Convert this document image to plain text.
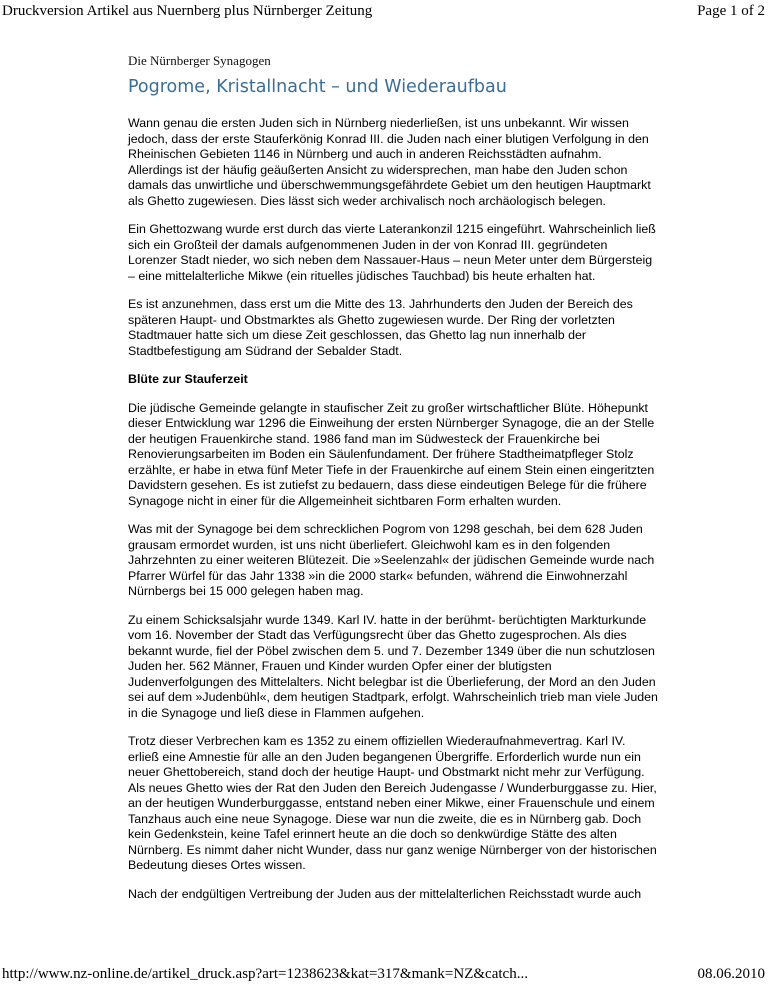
Druckversion Artikel aus Nuernberg plus Nürnberger Zeitung	Page 1 of 2
Die Nürnberger Synagogen
Pogrome, Kristallnacht – und Wiederaufbau

Wann genau die ersten Juden sich in Nürnberg niederließen, ist uns unbekannt. Wir wissen jedoch, dass der erste Stauferkönig Konrad III. die Juden nach einer blutigen Verfolgung in den Rheinischen Gebieten 1146 in Nürnberg und auch in anderen Reichsstädten aufnahm. Allerdings ist der häufig geäußerten Ansicht zu widersprechen, man habe den Juden schon damals das unwirtliche und überschwemmungsgefährdete Gebiet um den heutigen Hauptmarkt als Ghetto zugewiesen. Dies lässt sich weder archivalisch noch archäologisch belegen.

Ein Ghettozwang wurde erst durch das vierte Laterankonzil 1215 eingeführt. Wahrscheinlich ließ sich ein Großteil der damals aufgenommenen Juden in der von Konrad III. gegründeten Lorenzer Stadt nieder, wo sich neben dem Nassauer-Haus – neun Meter unter dem Bürgersteig – eine mittelalterliche Mikwe (ein rituelles jüdisches Tauchbad) bis heute erhalten hat.

Es ist anzunehmen, dass erst um die Mitte des 13. Jahrhunderts den Juden der Bereich des späteren Haupt- und Obstmarktes als Ghetto zugewiesen wurde. Der Ring der vorletzten Stadtmauer hatte sich um diese Zeit geschlossen, das Ghetto lag nun innerhalb der Stadtbefestigung am Südrand der Sebalder Stadt.

Blüte zur Stauferzeit

Die jüdische Gemeinde gelangte in staufischer Zeit zu großer wirtschaftlicher Blüte. Höhepunkt dieser Entwicklung war 1296 die Einweihung der ersten Nürnberger Synagoge, die an der Stelle der heutigen Frauenkirche stand. 1986 fand man im Südwesteck der Frauenkirche bei Renovierungsarbeiten im Boden ein Säulenfundament. Der frühere Stadtheimatpfleger Stolz erzählte, er habe in etwa fünf Meter Tiefe in der Frauenkirche auf einem Stein einen eingeritzten Davidstern gesehen. Es ist zutiefst zu bedauern, dass diese eindeutigen Belege für die frühere Synagoge nicht in einer für die Allgemeinheit sichtbaren Form erhalten wurden.

Was mit der Synagoge bei dem schrecklichen Pogrom von 1298 geschah, bei dem 628 Juden grausam ermordet wurden, ist uns nicht überliefert. Gleichwohl kam es in den folgenden Jahrzehnten zu einer weiteren Blütezeit. Die »Seelenzahl« der jüdischen Gemeinde wurde nach Pfarrer Würfel für das Jahr 1338 »in die 2000 stark« befunden, während die Einwohnerzahl Nürnbergs bei 15 000 gelegen haben mag.

Zu einem Schicksalsjahr wurde 1349. Karl IV. hatte in der berühmt- berüchtigten Markturkunde vom 16. November der Stadt das Verfügungsrecht über das Ghetto zugesprochen. Als dies bekannt wurde, fiel der Pöbel zwischen dem 5. und 7. Dezember 1349 über die nun schutzlosen Juden her. 562 Männer, Frauen und Kinder wurden Opfer einer der blutigsten Judenverfolgungen des Mittelalters. Nicht belegbar ist die Überlieferung, der Mord an den Juden sei auf dem »Judenbühl«, dem heutigen Stadtpark, erfolgt. Wahrscheinlich trieb man viele Juden in die Synagoge und ließ diese in Flammen aufgehen.

Trotz dieser Verbrechen kam es 1352 zu einem offiziellen Wiederaufnahmevertrag. Karl IV. erließ eine Amnestie für alle an den Juden begangenen Übergriffe. Erforderlich wurde nun ein neuer Ghettobereich, stand doch der heutige Haupt- und Obstmarkt nicht mehr zur Verfügung. Als neues Ghetto wies der Rat den Juden den Bereich Judengasse / Wunderburggasse zu. Hier, an der heutigen Wunderburggasse, entstand neben einer Mikwe, einer Frauenschule und einem Tanzhaus auch eine neue Synagoge. Diese war nun die zweite, die es in Nürnberg gab. Doch kein Gedenkstein, keine Tafel erinnert heute an die doch so denkwürdige Stätte des alten Nürnberg. Es nimmt daher nicht Wunder, dass nur ganz wenige Nürnberger von der historischen Bedeutung dieses Ortes wissen.

Nach der endgültigen Vertreibung der Juden aus der mittelalterlichen Reichsstadt wurde auch

http://www.nz-online.de/artikel_druck.asp?art=1238623&kat=317&mank=NZ&catch...	08.06.2010
